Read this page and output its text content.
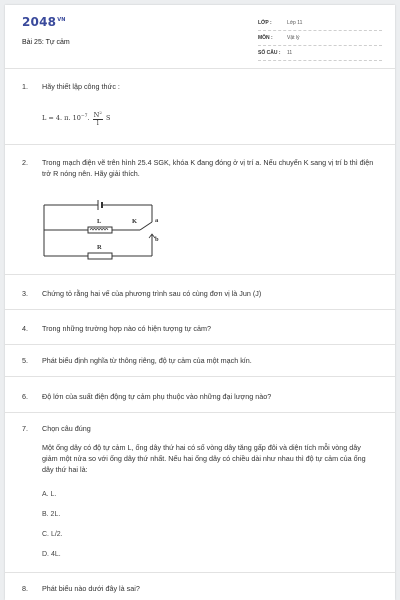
$2048^{VN}$
Bài 25: Tự cảm
LỚP :	Lớp 11
MÔN :	Vật lý
SỐ CÂU : 11
1. Hãy thiết lập công thức :
L = 4. π. $10^{-7}$. $\frac{N^2}{l}$ S
2. Trong mạch điện vẽ trên hình 25.4 SGK, khóa K đang đóng ở vị trí a. Nếu chuyển K sang vị trí b thì điện trở R nóng nên. Hãy giải thích.
L	K	a
b
R
3. Chứng tỏ rằng hai vế của phương trình sau có cùng đơn vị là Jun (J)
4. Trong những trường hợp nào có hiện tượng tự cảm?
5. Phát biểu định nghĩa từ thông riêng, độ tự cảm của một mạch kín.
6. Độ lớn của suất điện động tự cảm phụ thuộc vào những đại lượng nào?
7. Chọn câu đúng
Một ống dây có độ tự cảm L, ống dây thứ hai có số vòng dây tăng gấp đôi và diện tích mỗi vòng dây giảm một nửa so với ống dây thứ nhất. Nếu hai ống dây có chiều dài như nhau thì độ tự cảm của ống dây thứ hai là:
A. L.
B. 2L.
C. L/2.
D. 4L.
8. Phát biểu nào dưới đây là sai?
